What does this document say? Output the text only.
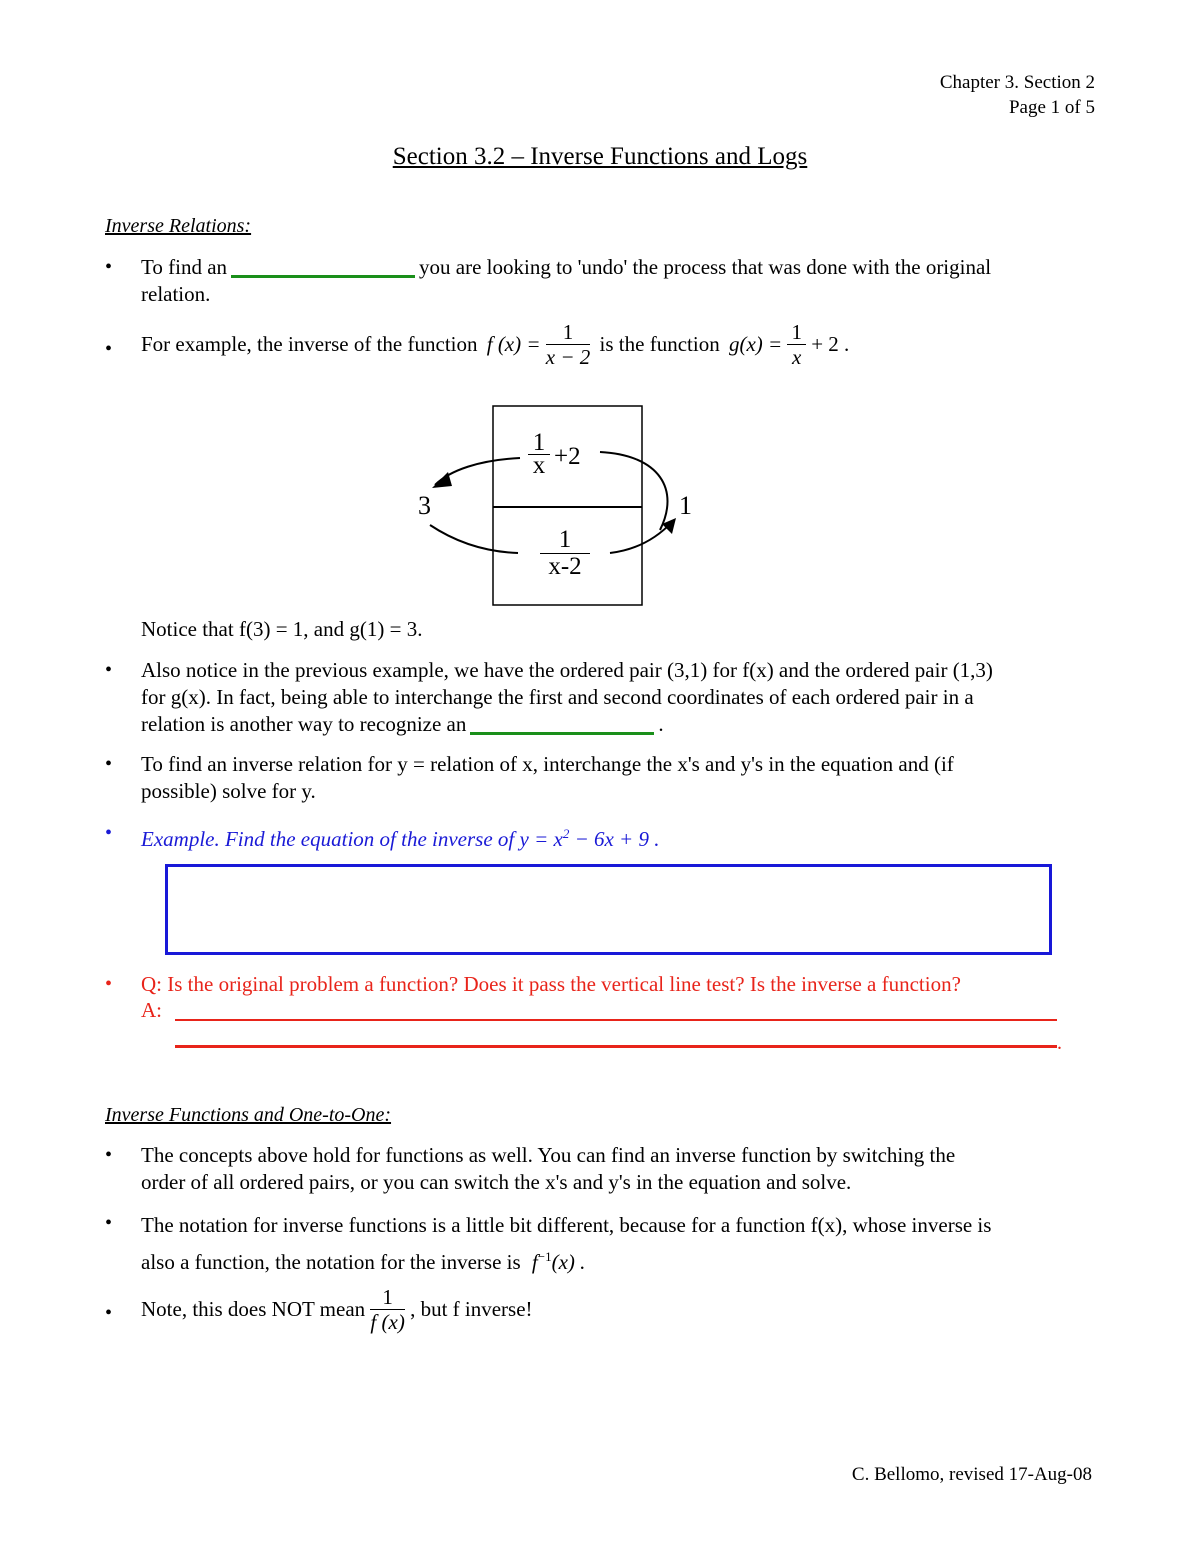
Chapter 3. Section 2
Page 1 of 5
Section 3.2 – Inverse Functions and Logs
Inverse Relations:
• To find an	you are looking to 'undo' the process that was done with the original
relation.
• For example, the inverse of the function f $(x) = \frac{1}{x - 2}$ is the function $g(x) = \frac{1}{x} + 2$ .
1
x +2
1
x-2
3	1
Notice that f(3) = 1, and g(1) = 3.
• Also notice in the previous example, we have the ordered pair (3,1) for f(x) and the ordered pair (1,3)
for g(x). In fact, being able to interchange the first and second coordinates of each ordered pair in a
relation is another way to recognize an	.
• To find an inverse relation for y = relation of x, interchange the x's and y's in the equation and (if
possible) solve for y.
• Example. Find the equation of the inverse of $y = x^2 - 6x + 9$ .
• Q: Is the original problem a function? Does it pass the vertical line test? Is the inverse a function?
A:
.
Inverse Functions and One-to-One:
• The concepts above hold for functions as well. You can find an inverse function by switching the
order of all ordered pairs, or you can switch the x's and y's in the equation and solve.
• The notation for inverse functions is a little bit different, because for a function f(x), whose inverse is
also a function, the notation for the inverse is $f^{-1}(x)$ .
• Note, this does NOT mean $\frac{1}{f (x)}$ , but f inverse!
C. Bellomo, revised 17-Aug-08
